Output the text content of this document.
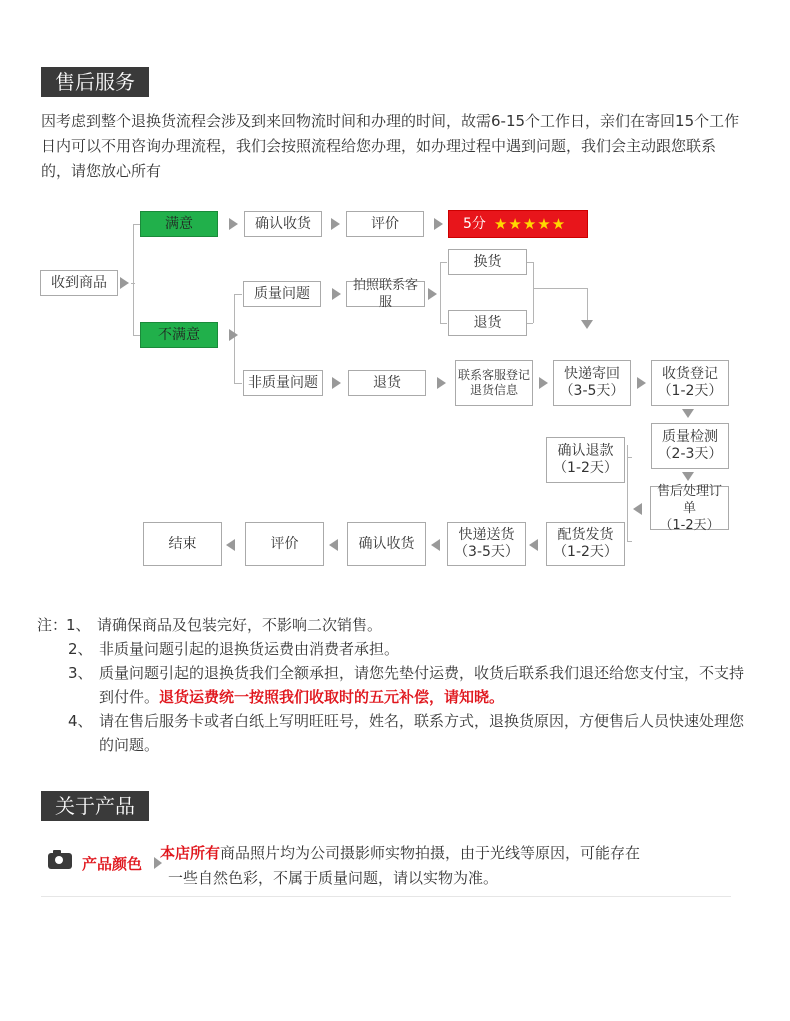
售后服务
因考虑到整个退换货流程会涉及到来回物流时间和办理的时间，故需6-15个工作日，亲们在寄回15个工作日内可以不用咨询办理流程，我们会按照流程给您办理，如办理过程中遇到问题，我们会主动跟您联系的，请您放心所有
收到商品
满意	确认收货	评价	5分 ★★★★★
不满意
质量问题	拍照联系客服
换货
退货
非质量问题	退货	联系客服登记
退货信息
快递寄回
（3-5天）
收货登记
（1-2天）
质量检测
（2-3天）
售后处理订单
（1-2天）
确认退款
（1-2天）
配货发货
（1-2天）
快递送货
（3-5天）
确认收货
评价
结束
注：
1、 请确保商品及包装完好，不影响二次销售。
2、 非质量问题引起的退换货运费由消费者承担。
3、 质量问题引起的退换货我们全额承担，请您先垫付运费，收货后联系我们退还给您支付宝，不支持到付件。退货运费统一按照我们收取时的五元补偿，请知晓。
4、 请在售后服务卡或者白纸上写明旺旺号，姓名，联系方式，退换货原因，方便售后人员快速处理您的问题。
关于产品
产品颜色
本店所有商品照片均为公司摄影师实物拍摄，由于光线等原因，可能存在
一些自然色彩，不属于质量问题，请以实物为准。
